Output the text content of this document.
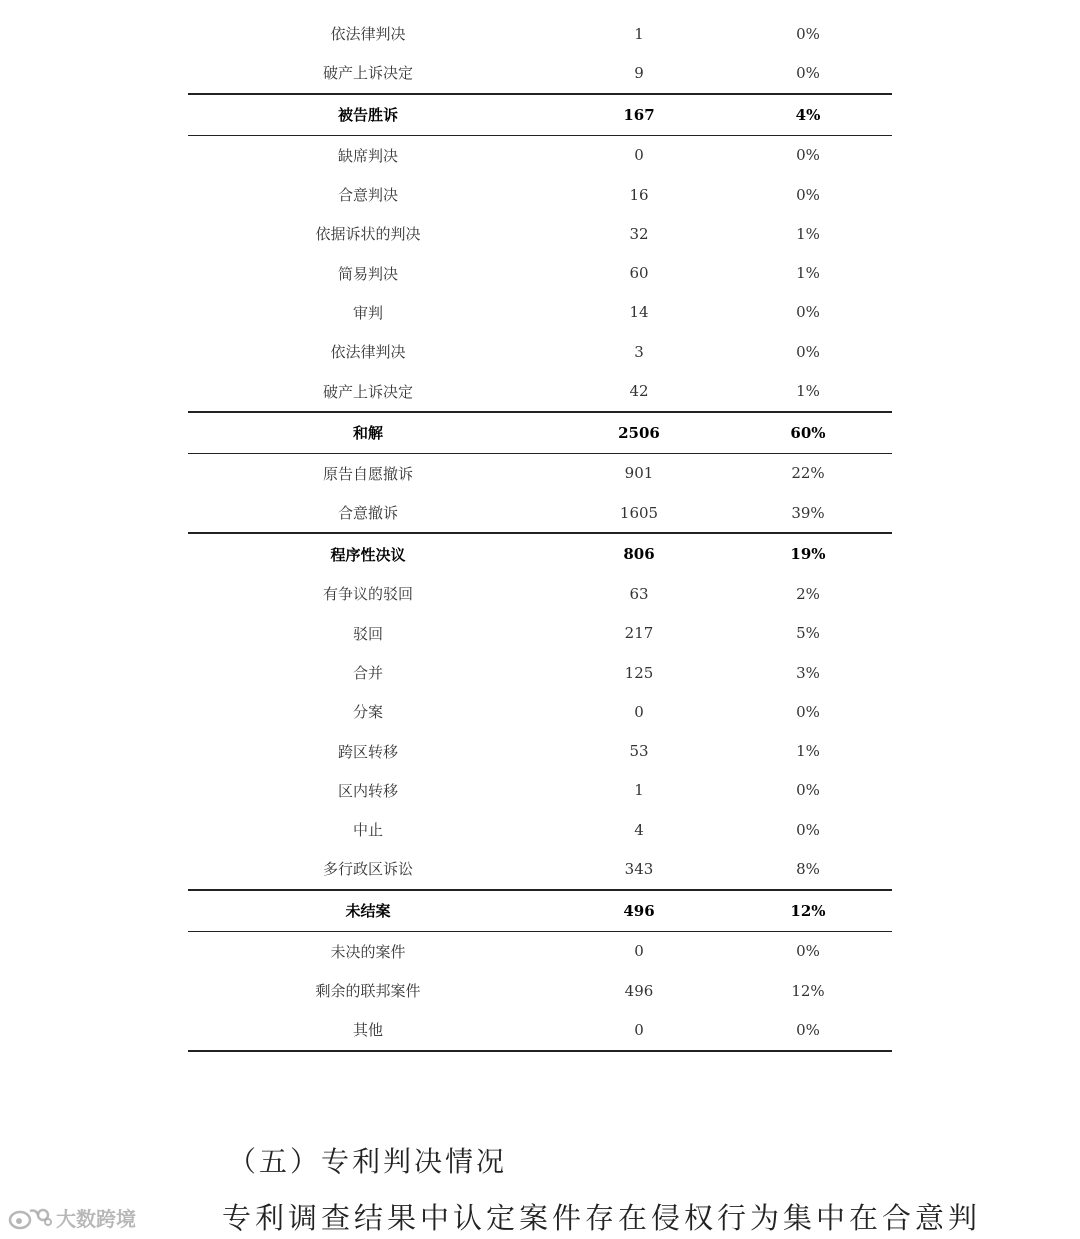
依法律判决	1	0%
破产上诉决定	9	0%
被告胜诉	167	4%
缺席判决	0	0%
合意判决	16	0%
依据诉状的判决	32	1%
简易判决	60	1%
审判	14	0%
依法律判决	3	0%
破产上诉决定	42	1%
和解	2506	60%
原告自愿撤诉	901	22%
合意撤诉	1605	39%
程序性决议	806	19%
有争议的驳回	63	2%
驳回	217	5%
合并	125	3%
分案	0	0%
跨区转移	53	1%
区内转移	1	0%
中止	4	0%
多行政区诉讼	343	8%
未结案	496	12%
未决的案件	0	0%
剩余的联邦案件	496	12%
其他	0	0%
（五）专利判决情况
专利调查结果中认定案件存在侵权行为集中在合意判
大数跨境
